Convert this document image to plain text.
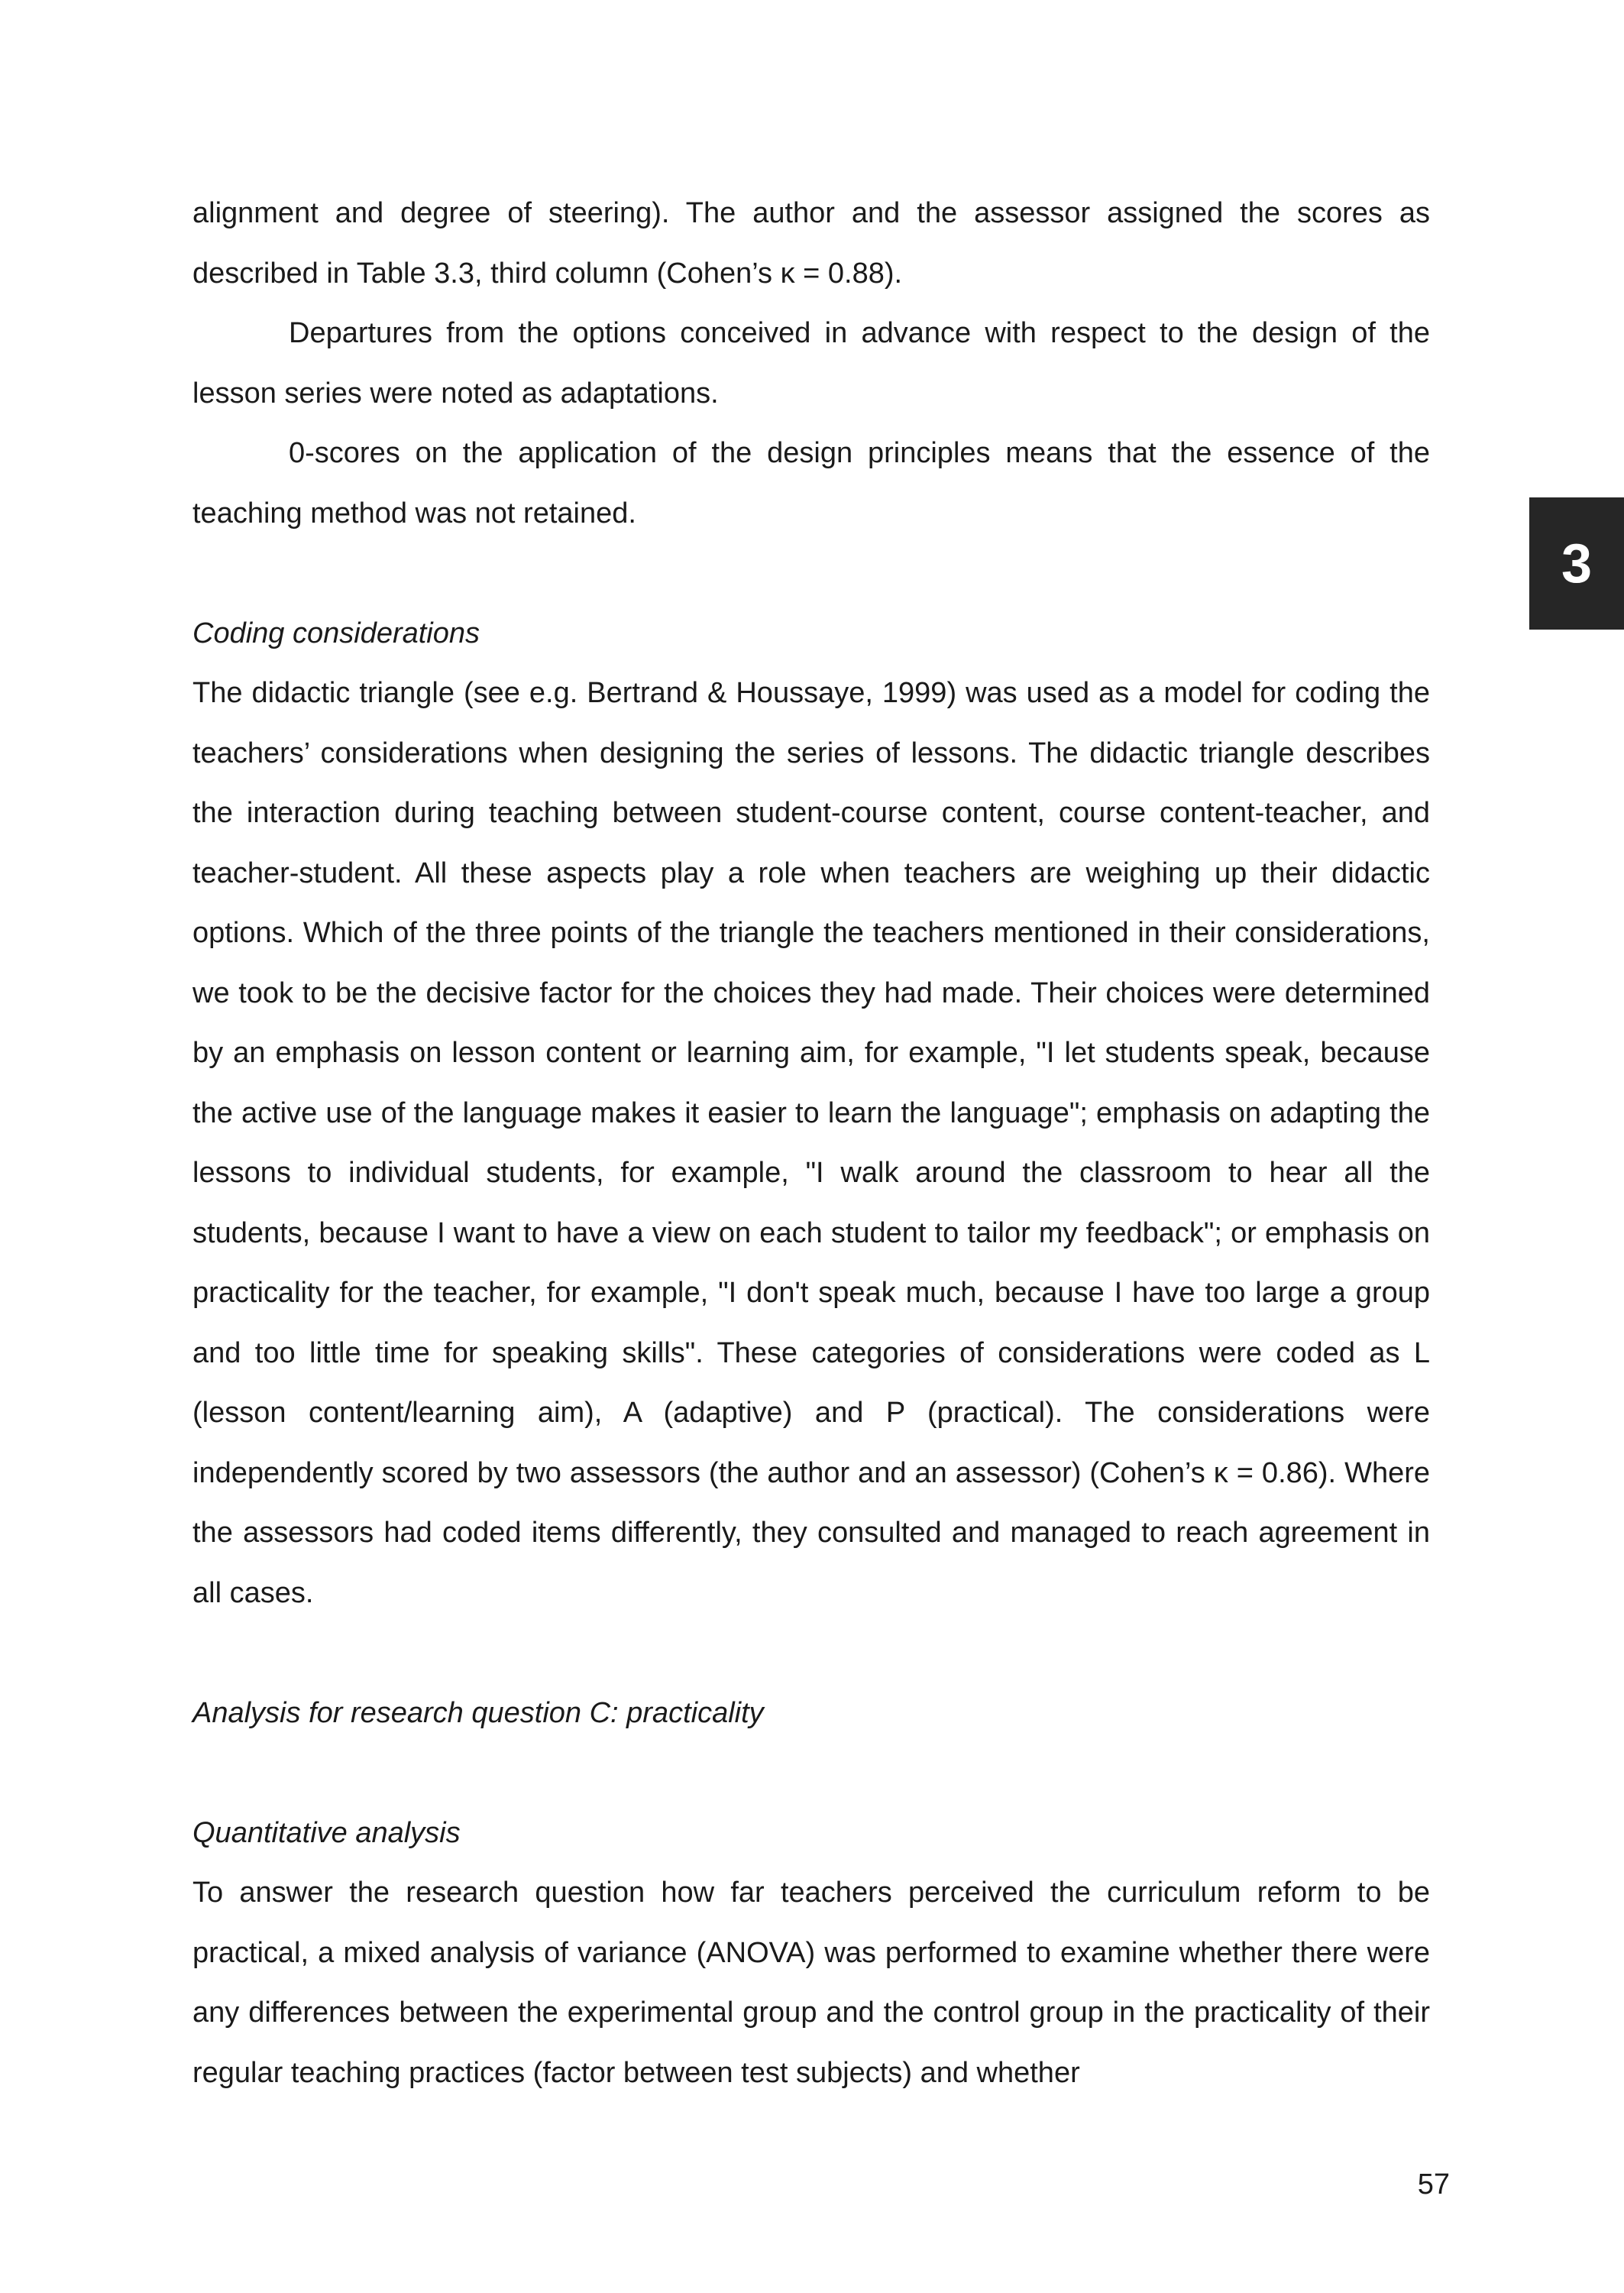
alignment and degree of steering). The author and the assessor assigned the scores as described in Table 3.3, third column (Cohen’s κ = 0.88).

Departures from the options conceived in advance with respect to the design of the lesson series were noted as adaptations.

0-scores on the application of the design principles means that the essence of the teaching method was not retained.

Coding considerations

The didactic triangle (see e.g. Bertrand & Houssaye, 1999) was used as a model for coding the teachers’ considerations when designing the series of lessons. The didactic triangle describes the interaction during teaching between student-course content, course content-teacher, and teacher-student. All these aspects play a role when teachers are weighing up their didactic options. Which of the three points of the triangle the teachers mentioned in their considerations, we took to be the decisive factor for the choices they had made. Their choices were determined by an emphasis on lesson content or learning aim, for example, "I let students speak, because the active use of the language makes it easier to learn the language"; emphasis on adapting the lessons to individual students, for example, "I walk around the classroom to hear all the students, because I want to have a view on each student to tailor my feedback"; or emphasis on practicality for the teacher, for example, "I don't speak much, because I have too large a group and too little time for speaking skills". These categories of considerations were coded as L (lesson content/learning aim), A (adaptive) and P (practical). The considerations were independently scored by two assessors (the author and an assessor) (Cohen’s κ = 0.86). Where the assessors had coded items differently, they consulted and managed to reach agreement in all cases.

Analysis for research question C: practicality

Quantitative analysis

To answer the research question how far teachers perceived the curriculum reform to be practical, a mixed analysis of variance (ANOVA) was performed to examine whether there were any differences between the experimental group and the control group in the practicality of their regular teaching practices (factor between test subjects) and whether

3
57
